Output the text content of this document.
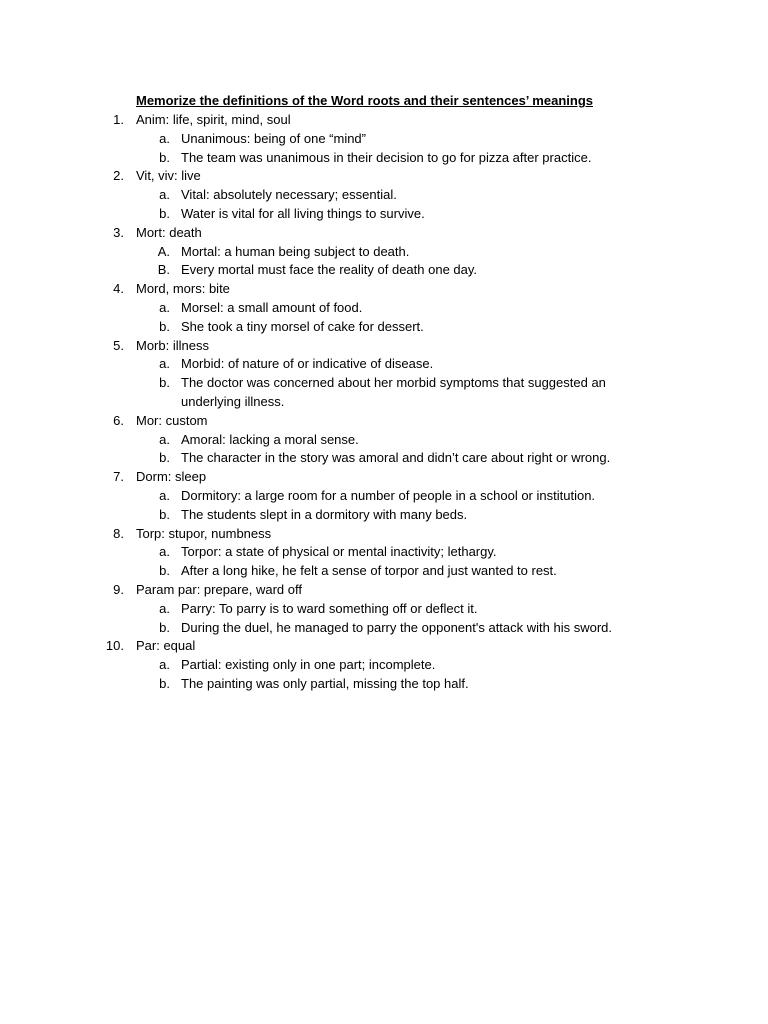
Memorize the definitions of the Word roots and their sentences’ meanings
1. Anim: life, spirit, mind, soul
a. Unanimous: being of one “mind”
b. The team was unanimous in their decision to go for pizza after practice.
2. Vit, viv: live
a. Vital: absolutely necessary; essential.
b. Water is vital for all living things to survive.
3. Mort: death
A. Mortal: a human being subject to death.
B. Every mortal must face the reality of death one day.
4. Mord, mors: bite
a. Morsel: a small amount of food.
b. She took a tiny morsel of cake for dessert.
5. Morb: illness
a. Morbid: of nature of or indicative of disease.
b. The doctor was concerned about her morbid symptoms that suggested an
underlying illness.
6. Mor: custom
a. Amoral: lacking a moral sense.
b. The character in the story was amoral and didn’t care about right or wrong.
7. Dorm: sleep
a. Dormitory: a large room for a number of people in a school or institution.
b. The students slept in a dormitory with many beds.
8. Torp: stupor, numbness
a. Torpor: a state of physical or mental inactivity; lethargy.
b. After a long hike, he felt a sense of torpor and just wanted to rest.
9. Param par: prepare, ward off
a. Parry: To parry is to ward something off or deflect it.
b. During the duel, he managed to parry the opponent's attack with his sword.
10. Par: equal
a. Partial: existing only in one part; incomplete.
b. The painting was only partial, missing the top half.
